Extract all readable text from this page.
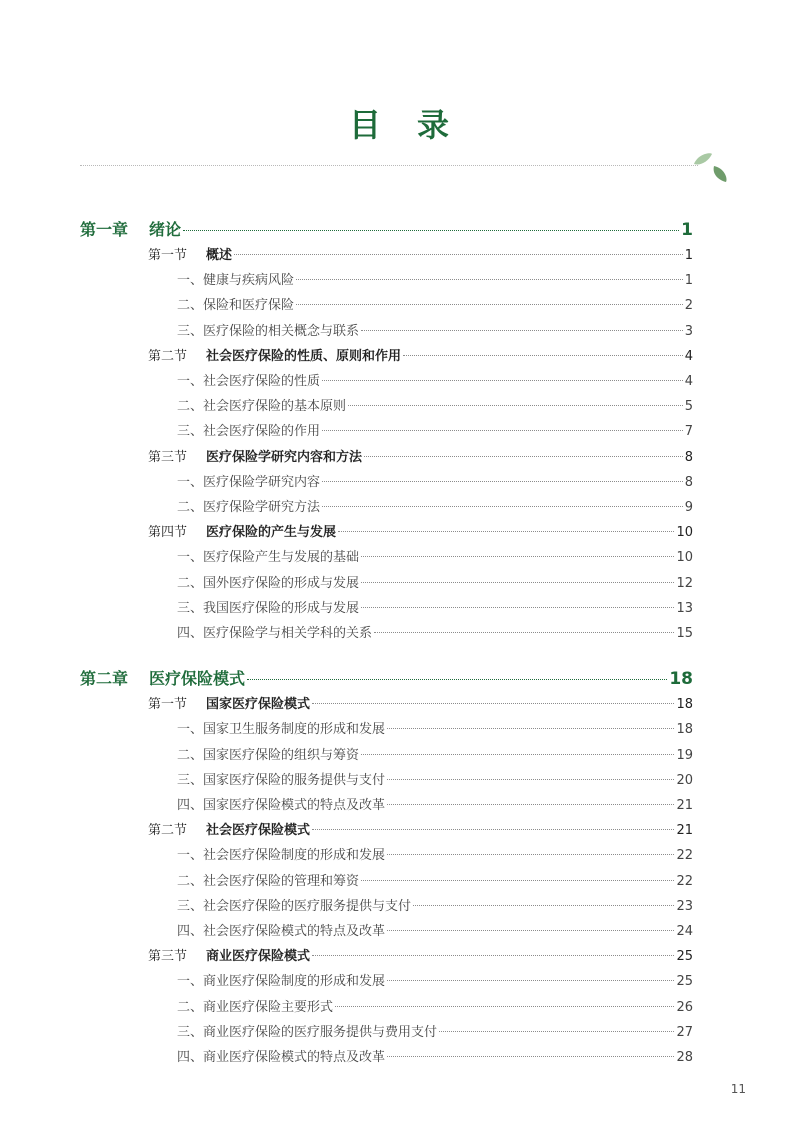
目　录
第一章	绪论	1
第一节	概述	1
一、健康与疾病风险	1
二、保险和医疗保险	2
三、医疗保险的相关概念与联系	3
第二节	社会医疗保险的性质、原则和作用	4
一、社会医疗保险的性质	4
二、社会医疗保险的基本原则	5
三、社会医疗保险的作用	7
第三节	医疗保险学研究内容和方法	8
一、医疗保险学研究内容	8
二、医疗保险学研究方法	9
第四节	医疗保险的产生与发展	10
一、医疗保险产生与发展的基础	10
二、国外医疗保险的形成与发展	12
三、我国医疗保险的形成与发展	13
四、医疗保险学与相关学科的关系	15
第二章	医疗保险模式	18
第一节	国家医疗保险模式	18
一、国家卫生服务制度的形成和发展	18
二、国家医疗保险的组织与筹资	19
三、国家医疗保险的服务提供与支付	20
四、国家医疗保险模式的特点及改革	21
第二节	社会医疗保险模式	21
一、社会医疗保险制度的形成和发展	22
二、社会医疗保险的管理和筹资	22
三、社会医疗保险的医疗服务提供与支付	23
四、社会医疗保险模式的特点及改革	24
第三节	商业医疗保险模式	25
一、商业医疗保险制度的形成和发展	25
二、商业医疗保险主要形式	26
三、商业医疗保险的医疗服务提供与费用支付	27
四、商业医疗保险模式的特点及改革	28
11
